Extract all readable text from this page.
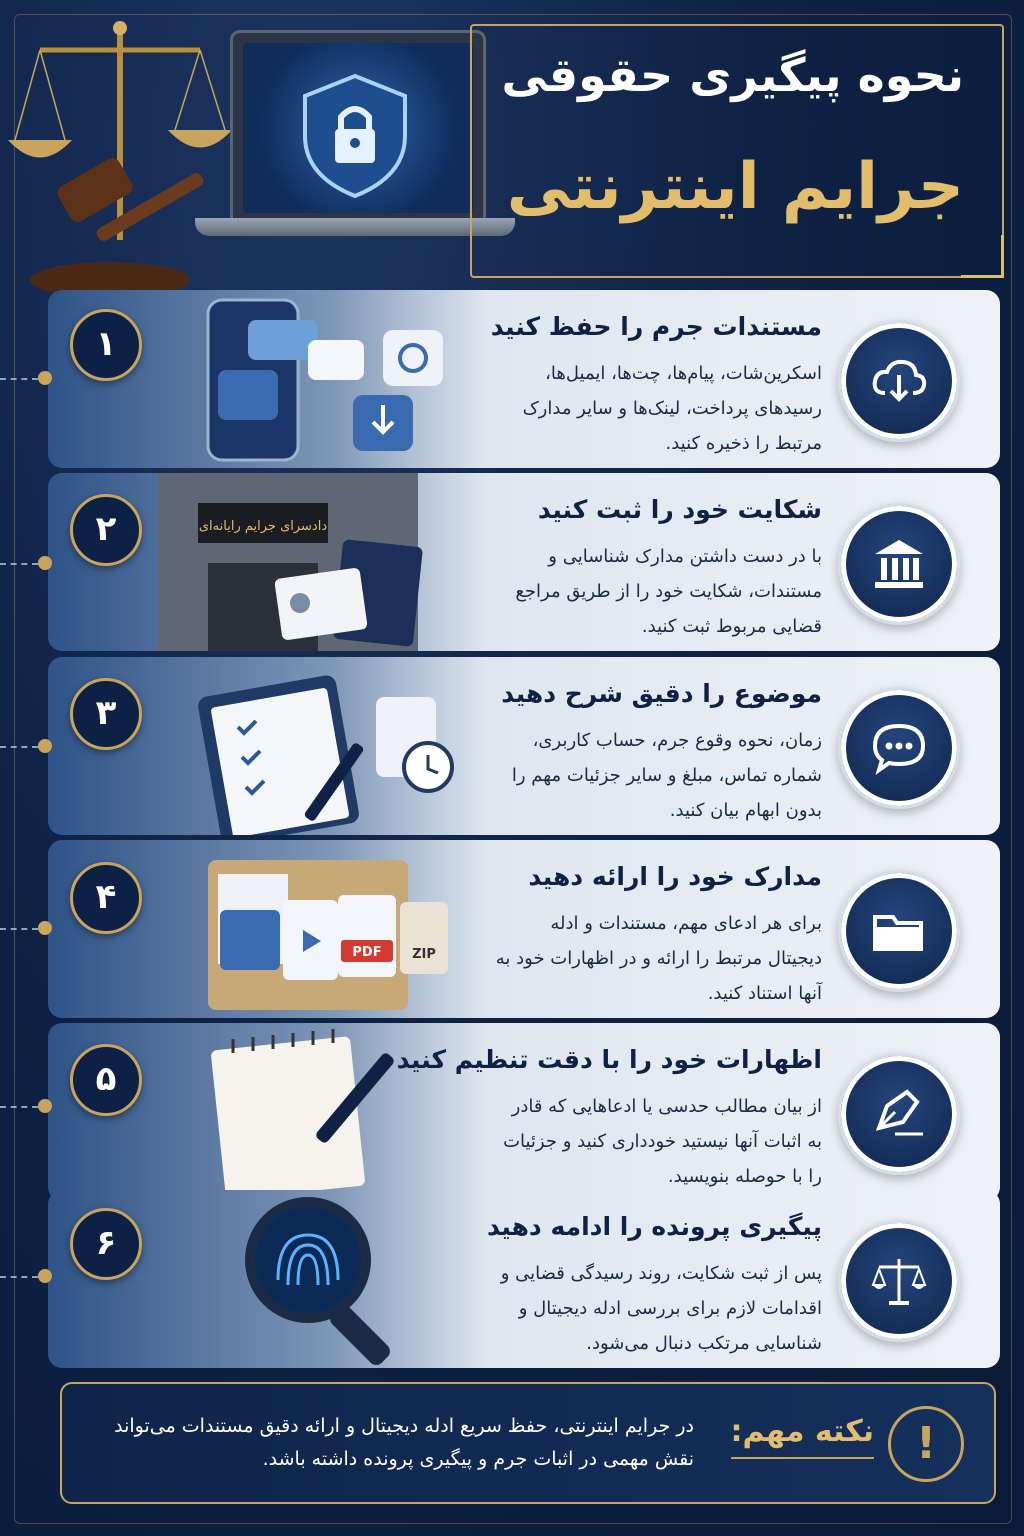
نحوه پیگیری حقوقی
جرایم اینترنتی
مستندات جرم را حفظ کنید
اسکرین‌شات، پیام‌ها، چت‌ها، ایمیل‌ها، رسیدهای پرداخت، لینک‌ها و سایر مدارک مرتبط را ذخیره کنید.
دادسرای جرایم رایانه‌ای
شکایت خود را ثبت کنید
با در دست داشتن مدارک شناسایی و مستندات، شکایت خود را از طریق مراجع قضایی مربوط ثبت کنید.
موضوع را دقیق شرح دهید
زمان، نحوه وقوع جرم، حساب کاربری، شماره تماس، مبلغ و سایر جزئیات مهم را بدون ابهام بیان کنید.
PDF ZIP
مدارک خود را ارائه دهید
برای هر ادعای مهم، مستندات و ادله دیجیتال مرتبط را ارائه و در اظهارات خود به آنها استناد کنید.
اظهارات خود را با دقت تنظیم کنید
از بیان مطالب حدسی یا ادعاهایی که قادر به اثبات آنها نیستید خودداری کنید و جزئیات را با حوصله بنویسید.
پیگیری پرونده را ادامه دهید
پس از ثبت شکایت، روند رسیدگی قضایی و اقدامات لازم برای بررسی ادله دیجیتال و شناسایی مرتکب دنبال می‌شود.
۱
۲
۳
۴
۵
۶
!
نکته مهم:
در جرایم اینترنتی، حفظ سریع ادله دیجیتال و ارائه دقیق مستندات می‌تواند نقش مهمی در اثبات جرم و پیگیری پرونده داشته باشد.
